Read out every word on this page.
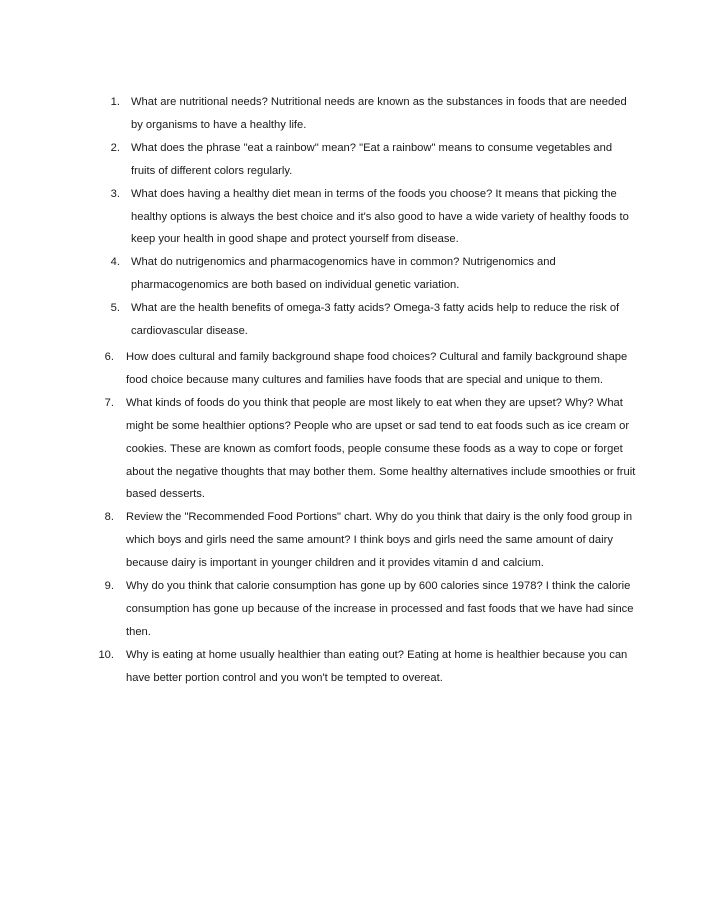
1. What are nutritional needs? Nutritional needs are known as the substances in foods that are needed by organisms to have a healthy life.
2. What does the phrase "eat a rainbow" mean? "Eat a rainbow" means to consume vegetables and fruits of different colors regularly.
3. What does having a healthy diet mean in terms of the foods you choose? It means that picking the healthy options is always the best choice and it's also good to have a wide variety of healthy foods to keep your health in good shape and protect yourself from disease.
4. What do nutrigenomics and pharmacogenomics have in common? Nutrigenomics and pharmacogenomics are both based on individual genetic variation.
5. What are the health benefits of omega-3 fatty acids? Omega-3 fatty acids help to reduce the risk of cardiovascular disease.
6. How does cultural and family background shape food choices? Cultural and family background shape food choice because many cultures and families have foods that are special and unique to them.
7. What kinds of foods do you think that people are most likely to eat when they are upset? Why? What might be some healthier options? People who are upset or sad tend to eat foods such as ice cream or cookies. These are known as comfort foods, people consume these foods as a way to cope or forget about the negative thoughts that may bother them. Some healthy alternatives include smoothies or fruit based desserts.
8. Review the "Recommended Food Portions" chart. Why do you think that dairy is the only food group in which boys and girls need the same amount? I think boys and girls need the same amount of dairy because dairy is important in younger children and it provides vitamin d and calcium.
9. Why do you think that calorie consumption has gone up by 600 calories since 1978? I think the calorie consumption has gone up because of the increase in processed and fast foods that we have had since then.
10. Why is eating at home usually healthier than eating out? Eating at home is healthier because you can have better portion control and you won't be tempted to overeat.
